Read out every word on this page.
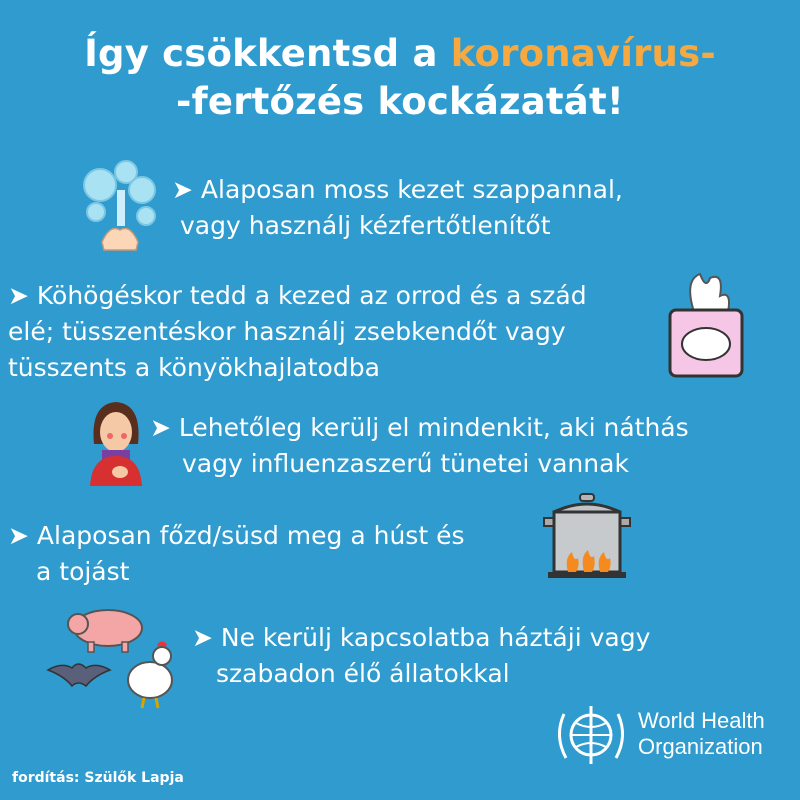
Így csökkentsd a koronavírus-
-fertőzés kockázatát!
➤ Alaposan moss kezet szappannal,
vagy használj kézfertőtlenítőt
➤ Köhögéskor tedd a kezed az orrod és a szád
elé; tüsszentéskor használj zsebkendőt vagy
tüsszents a könyökhajlatodba
➤ Lehetőleg kerülj el mindenkit, aki náthás
vagy influenzaszerű tünetei vannak
➤ Alaposan főzd/süsd meg a húst és
a tojást
➤ Ne kerülj kapcsolatba háztáji vagy
szabadon élő állatokkal
World Health
Organization
fordítás: Szülők Lapja
